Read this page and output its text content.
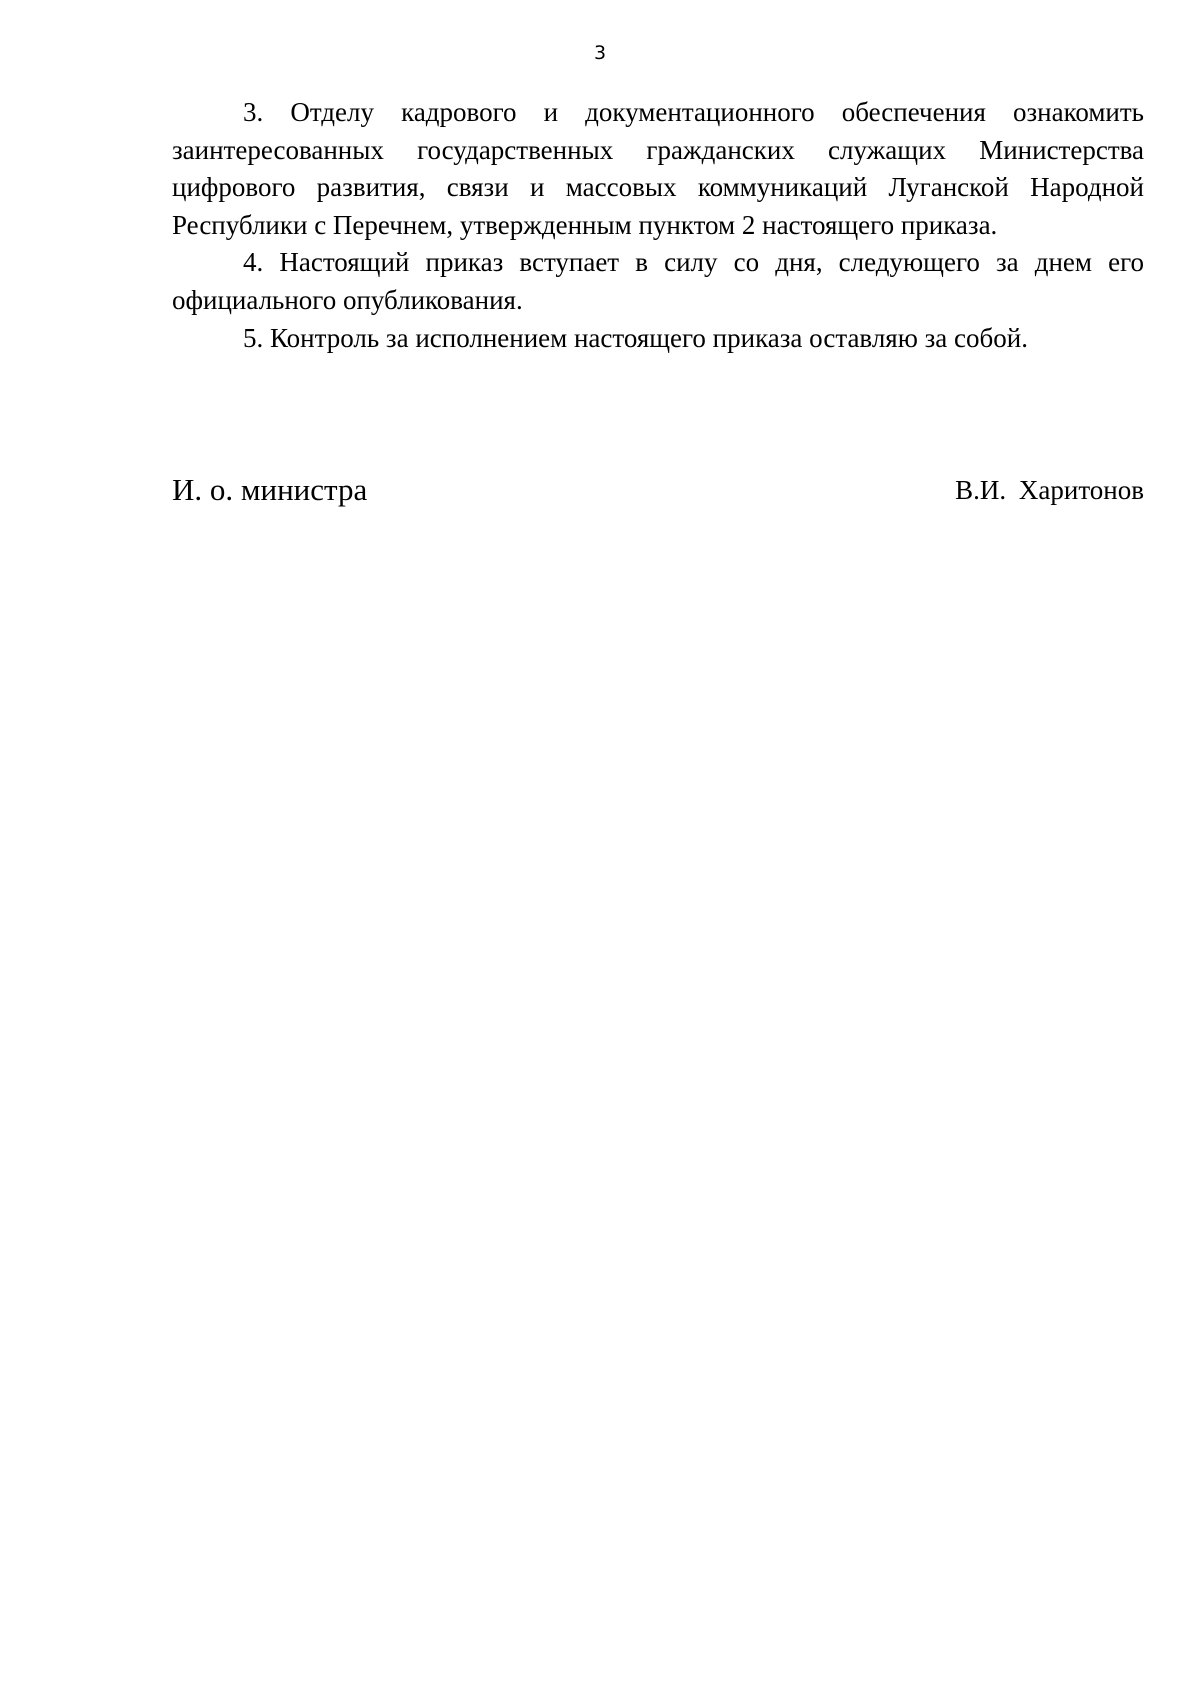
3

3. Отделу кадрового и документационного обеспечения ознакомить заинтересованных государственных гражданских служащих Министерства цифрового развития, связи и массовых коммуникаций Луганской Народной Республики с Перечнем, утвержденным пунктом 2 настоящего приказа.

4. Настоящий приказ вступает в силу со дня, следующего за днем его официального опубликования.

5. Контроль за исполнением настоящего приказа оставляю за собой.

И. о. министра	В.И. Харитонов
